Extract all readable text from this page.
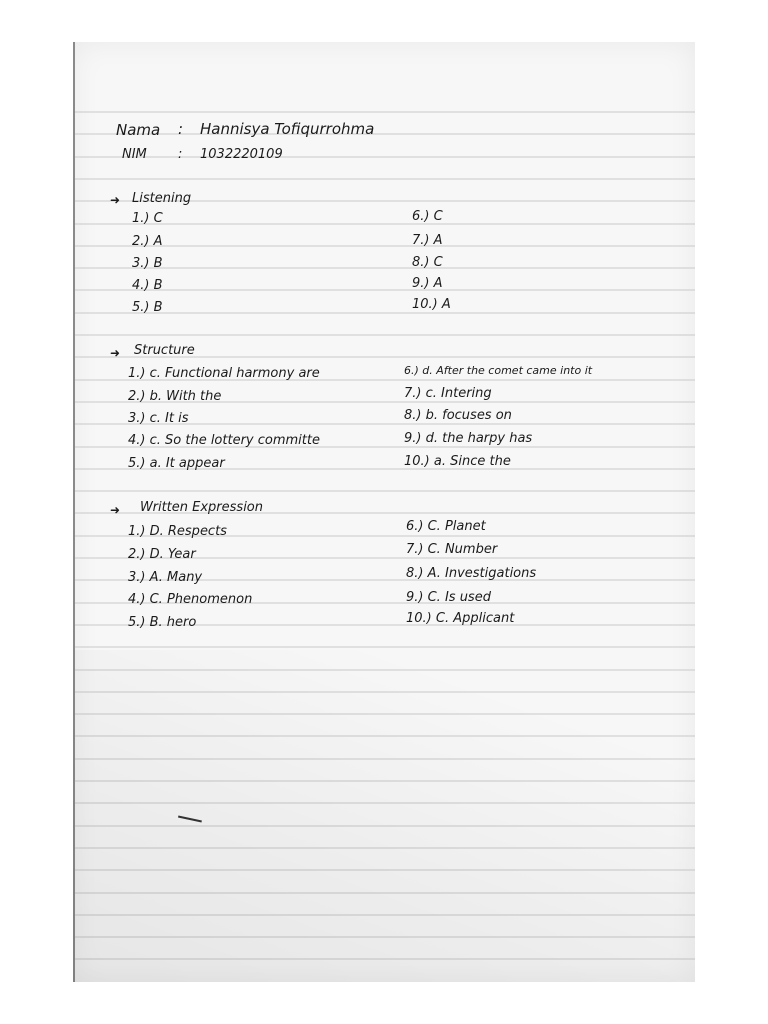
Nama : Hannisya Tofiqurrohma
NIM : 1032220109
➜ Listening
1.) C
2.) A
3.) B
4.) B
5.) B
6.) C
7.) A
8.) C
9.) A
10.) A
➜ Structure
1.) c. Functional harmony are
2.) b. With the
3.) c. It is
4.) c. So the lottery committe
5.) a. It appear
6.) d. After the comet came into it
7.) c. Intering
8.) b. focuses on
9.) d. the harpy has
10.) a. Since the
➜ Written Expression
1.) D. Respects
2.) D. Year
3.) A. Many
4.) C. Phenomenon
5.) B. hero
6.) C. Planet
7.) C. Number
8.) A. Investigations
9.) C. Is used
10.) C. Applicant
